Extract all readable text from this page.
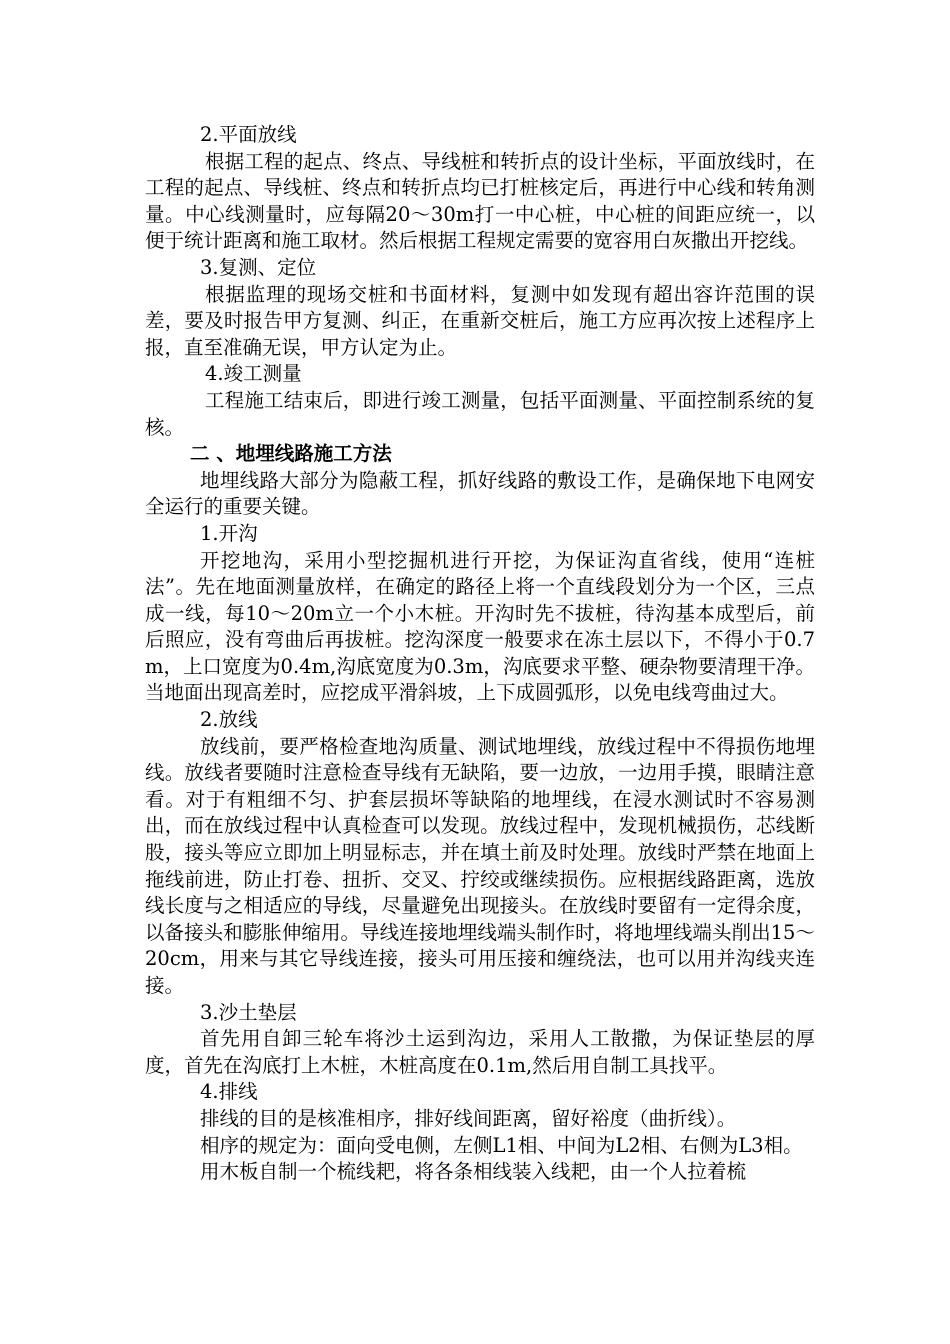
2.平面放线

根据工程的起点、终点、导线桩和转折点的设计坐标，平面放线时，在工程的起点、导线桩、终点和转折点均已打桩核定后，再进行中心线和转角测量。中心线测量时，应每隔20～30m打一中心桩，中心桩的间距应统一，以便于统计距离和施工取材。然后根据工程规定需要的宽容用白灰撒出开挖线。

3.复测、定位

根据监理的现场交桩和书面材料，复测中如发现有超出容许范围的误差，要及时报告甲方复测、纠正，在重新交桩后，施工方应再次按上述程序上报，直至准确无误，甲方认定为止。

4.竣工测量

工程施工结束后，即进行竣工测量，包括平面测量、平面控制系统的复核。

二 、地埋线路施工方法

地埋线路大部分为隐蔽工程，抓好线路的敷设工作，是确保地下电网安全运行的重要关键。

1.开沟

开挖地沟，采用小型挖掘机进行开挖，为保证沟直省线，使用“连桩法”。先在地面测量放样，在确定的路径上将一个直线段划分为一个区，三点成一线，每10～20m立一个小木桩。开沟时先不拔桩，待沟基本成型后，前后照应，没有弯曲后再拔桩。挖沟深度一般要求在冻土层以下，不得小于0.7m，上口宽度为0.4m,沟底宽度为0.3m，沟底要求平整、硬杂物要清理干净。当地面出现高差时，应挖成平滑斜坡，上下成圆弧形，以免电线弯曲过大。

2.放线

放线前，要严格检查地沟质量、测试地埋线，放线过程中不得损伤地埋线。放线者要随时注意检查导线有无缺陷，要一边放，一边用手摸，眼睛注意看。对于有粗细不匀、护套层损坏等缺陷的地埋线，在浸水测试时不容易测出，而在放线过程中认真检查可以发现。放线过程中，发现机械损伤，芯线断股，接头等应立即加上明显标志，并在填土前及时处理。放线时严禁在地面上拖线前进，防止打卷、扭折、交叉、拧绞或继续损伤。应根据线路距离，选放线长度与之相适应的导线，尽量避免出现接头。在放线时要留有一定得余度，以备接头和膨胀伸缩用。导线连接地埋线端头制作时，将地埋线端头削出15～20cm，用来与其它导线连接，接头可用压接和缠绕法，也可以用并沟线夹连接。

3.沙土垫层

首先用自卸三轮车将沙土运到沟边，采用人工散撒，为保证垫层的厚度，首先在沟底打上木桩，木桩高度在0.1m,然后用自制工具找平。

4.排线

排线的目的是核准相序，排好线间距离，留好裕度（曲折线）。

相序的规定为：面向受电侧，左侧L1相、中间为L2相、右侧为L3相。

用木板自制一个梳线耙，将各条相线装入线耙，由一个人拉着梳
